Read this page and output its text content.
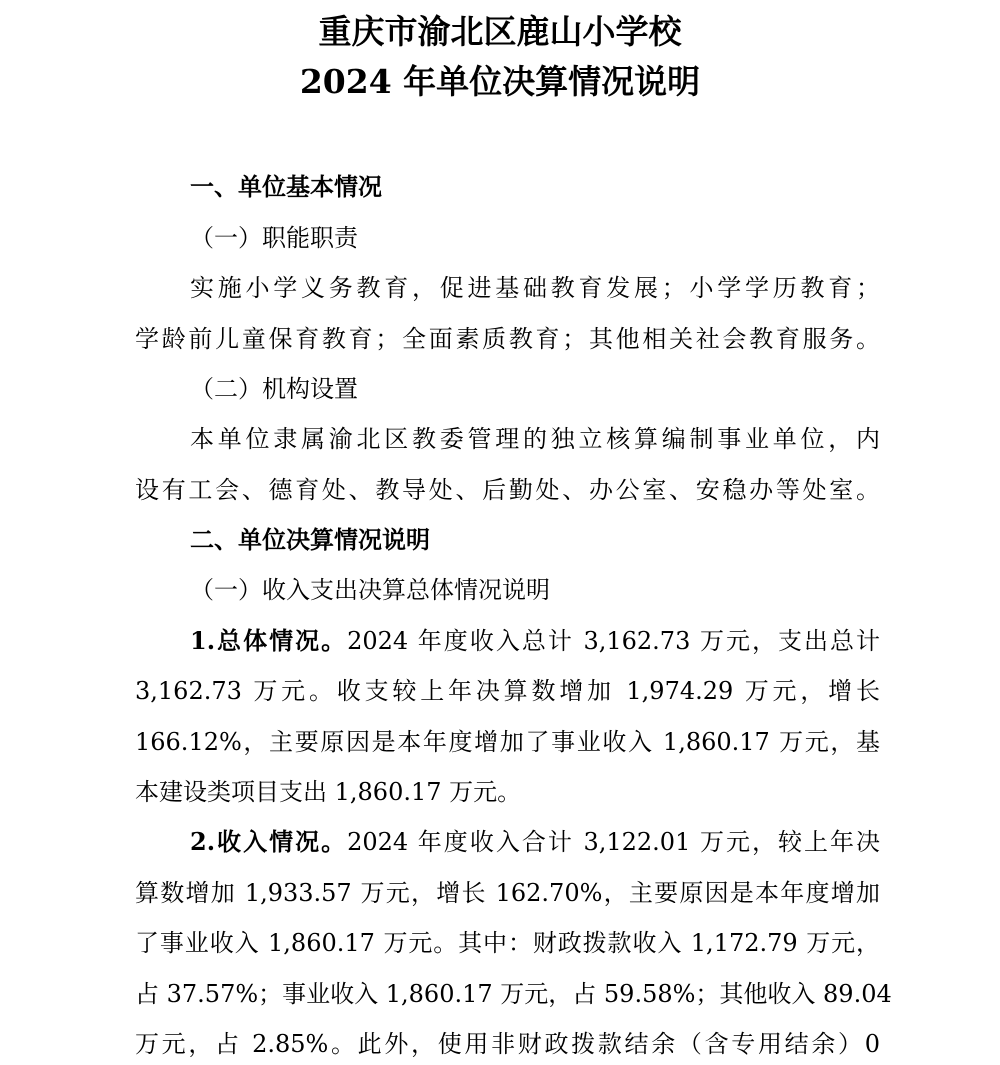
重庆市渝北区鹿山小学校
2024 年单位决算情况说明
一、单位基本情况
（一）职能职责
实施小学义务教育，促进基础教育发展；小学学历教育；
学龄前儿童保育教育；全面素质教育；其他相关社会教育服务。
（二）机构设置
本单位隶属渝北区教委管理的独立核算编制事业单位，内
设有工会、德育处、教导处、后勤处、办公室、安稳办等处室。
二、单位决算情况说明
（一）收入支出决算总体情况说明
1.总体情况。2024 年度收入总计 3,162.73 万元，支出总计
3,162.73 万元。收支较上年决算数增加 1,974.29 万元，增长
166.12%，主要原因是本年度增加了事业收入 1,860.17 万元，基
本建设类项目支出 1,860.17 万元。
2.收入情况。2024 年度收入合计 3,122.01 万元，较上年决
算数增加 1,933.57 万元，增长 162.70%，主要原因是本年度增加
了事业收入 1,860.17 万元。其中：财政拨款收入 1,172.79 万元，
占 37.57%；事业收入 1,860.17 万元，占 59.58%；其他收入 89.04
万元，占 2.85%。此外，使用非财政拨款结余（含专用结余）0
